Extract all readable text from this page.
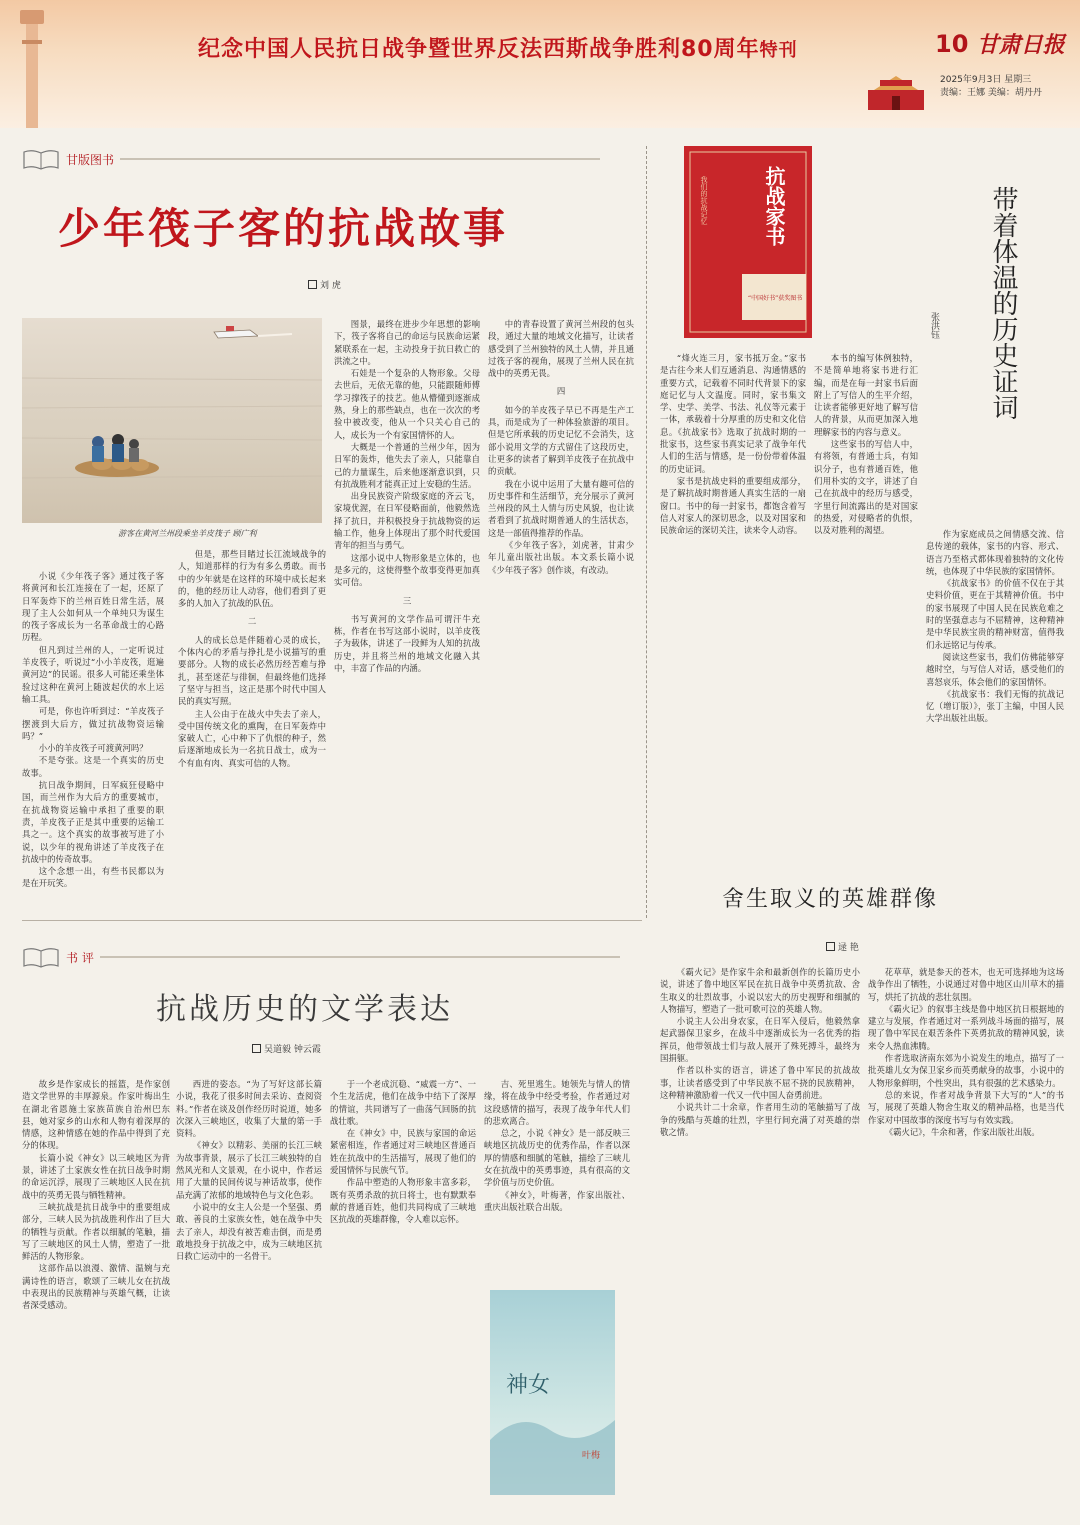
纪念中国人民抗日战争暨世界反法西斯战争胜利80周年特刊	10 甘肃日报
2025年9月3日 星期三
责编：王娜 美编：胡丹丹
甘版图书
少年筏子客的抗战故事
刘 虎
游客在黄河兰州段乘坐羊皮筏子 顾广利

小说《少年筏子客》通过筏子客将黄河和长江连接在了一起，还原了日军轰炸下的兰州百姓日常生活，展现了主人公如何从一个单纯只为谋生的筏子客成长为一名革命战士的心路历程。

但凡到过兰州的人，一定听说过羊皮筏子，听说过“小小羊皮筏，逛遍黄河边”的民谣。很多人可能还乘坐体验过这种在黄河上随波起伏的水上运输工具。

可是，你也许听到过：“羊皮筏子摆渡到大后方，做过抗战物资运输吗？”

小小的羊皮筏子可渡黄河吗？

不是夸张。这是一个真实的历史故事。

抗日战争期间，日军疯狂侵略中国，而兰州作为大后方的重要城市，在抗战物资运输中承担了重要的职责，羊皮筏子正是其中重要的运输工具之一。这个真实的故事被写进了小说，以少年的视角讲述了羊皮筏子在抗战中的传奇故事。

这个念想一出，有些书民都以为是在开玩笑。

但是，那些目睹过长江流域战争的人，知道那样的行为有多么勇敢。而书中的少年就是在这样的环境中成长起来的，他的经历让人动容，他们看到了更多的人加入了抗战的队伍。

二

人的成长总是伴随着心灵的成长，个体内心的矛盾与挣扎是小说描写的重要部分。人物的成长必然历经苦难与挣扎，甚至迷茫与徘徊，但最终他们选择了坚守与担当，这正是那个时代中国人民的真实写照。

主人公由于在战火中失去了亲人，受中国传统文化的熏陶，在日军轰炸中家破人亡，心中种下了仇恨的种子，然后逐渐地成长为一名抗日战士，成为一个有血有肉、真实可信的人物。

图景，最终在进步少年思想的影响下，筏子客将自己的命运与民族命运紧紧联系在一起，主动投身于抗日救亡的洪流之中。

石娃是一个复杂的人物形象。父母去世后，无依无靠的他，只能跟随师傅学习撑筏子的技艺。他从懵懂到逐渐成熟，身上的那些缺点，也在一次次的考验中被改变，他从一个只关心自己的人，成长为一个有家国情怀的人。

大概是一个普通的兰州少年，因为日军的轰炸，他失去了亲人，只能靠自己的力量谋生，后来他逐渐意识到，只有抗战胜利才能真正过上安稳的生活。

出身民族资产阶级家庭的齐云飞，家境优渥，在日军侵略面前，他毅然选择了抗日，并积极投身于抗战物资的运输工作，他身上体现出了那个时代爱国青年的担当与勇气。

这部小说中人物形象是立体的，也是多元的，这使得整个故事变得更加真实可信。

三

书写黄河的文学作品可谓汗牛充栋，作者在书写这部小说时，以羊皮筏子为载体，讲述了一段鲜为人知的抗战历史，并且将兰州的地域文化融入其中，丰富了作品的内涵。

中的青春设置了黄河兰州段的包头段，通过大量的地域文化描写，让读者感受到了兰州独特的风土人情，并且通过筏子客的视角，展现了兰州人民在抗战中的英勇无畏。

四

如今的羊皮筏子早已不再是生产工具，而是成为了一种体验旅游的项目。但是它所承载的历史记忆不会消失，这部小说用文学的方式留住了这段历史，让更多的读者了解到羊皮筏子在抗战中的贡献。

我在小说中运用了大量有趣可信的历史事件和生活细节，充分展示了黄河兰州段的风土人情与历史风貌，也让读者看到了抗战时期普通人的生活状态，这是一部值得推荐的作品。

《少年筏子客》，刘虎著，甘肃少年儿童出版社出版。本文系长篇小说《少年筏子客》创作谈，有改动。

抗战家书
我们的抗战记忆
“中国好书”获奖图书	带着体温的历史证词
张洪钰

“烽火连三月，家书抵万金。”家书是古往今来人们互通消息、沟通情感的重要方式，记载着不同时代背景下的家庭记忆与人文温度。同时，家书集文学、史学、美学、书法、礼仪等元素于一体，承载着十分厚重的历史和文化信息。《抗战家书》选取了抗战时期的一批家书，这些家书真实记录了战争年代人们的生活与情感，是一份份带着体温的历史证词。

家书是抗战史料的重要组成部分，是了解抗战时期普通人真实生活的一扇窗口。书中的每一封家书，都饱含着写信人对家人的深切思念，以及对国家和民族命运的深切关注，读来令人动容。

本书的编写体例独特，不是简单地将家书进行汇编，而是在每一封家书后面附上了写信人的生平介绍，让读者能够更好地了解写信人的背景，从而更加深入地理解家书的内容与意义。

这些家书的写信人中，有将领，有普通士兵，有知识分子，也有普通百姓，他们用朴实的文字，讲述了自己在抗战中的经历与感受，字里行间流露出的是对国家的热爱，对侵略者的仇恨，以及对胜利的渴望。	作为家庭成员之间情感交流、信息传递的载体，家书的内容、形式、语言乃至格式都体现着独特的文化传统，也体现了中华民族的家国情怀。

《抗战家书》的价值不仅在于其史料价值，更在于其精神价值。书中的家书展现了中国人民在民族危难之时的坚强意志与不屈精神，这种精神是中华民族宝贵的精神财富，值得我们永远铭记与传承。

阅读这些家书，我们仿佛能够穿越时空，与写信人对话，感受他们的喜怒哀乐，体会他们的家国情怀。

《抗战家书：我们无悔的抗战记忆（增订版）》，张丁主编，中国人民大学出版社出版。

书 评
抗战历史的文学表达
吴道毅 钟云霞

故乡是作家成长的摇篮，是作家创造文学世界的丰厚源泉。作家叶梅出生在湖北省恩施土家族苗族自治州巴东县，她对家乡的山水和人物有着深厚的情感，这种情感在她的作品中得到了充分的体现。

长篇小说《神女》以三峡地区为背景，讲述了土家族女性在抗日战争时期的命运沉浮，展现了三峡地区人民在抗战中的英勇无畏与牺牲精神。

三峡抗战是抗日战争中的重要组成部分，三峡人民为抗战胜利作出了巨大的牺牲与贡献。作者以细腻的笔触，描写了三峡地区的风土人情，塑造了一批鲜活的人物形象。

这部作品以浪漫、激情、温婉与充满诗性的语言，歌颂了三峡儿女在抗战中表现出的民族精神与英雄气概，让读者深受感动。

西进的姿态。“为了写好这部长篇小说，我花了很多时间去采访、查阅资料。”作者在谈及创作经历时说道，她多次深入三峡地区，收集了大量的第一手资料。

《神女》以精彩、美丽的长江三峡为故事背景，展示了长江三峡独特的自然风光和人文景观，在小说中，作者运用了大量的民间传说与神话故事，使作品充满了浓郁的地域特色与文化色彩。

小说中的女主人公是一个坚强、勇敢、善良的土家族女性，她在战争中失去了亲人，却没有被苦难击倒，而是勇敢地投身于抗战之中，成为三峡地区抗日救亡运动中的一名骨干。

于一个老成沉稳、“威震一方”、一个生龙活虎，他们在战争中结下了深厚的情谊，共同谱写了一曲荡气回肠的抗战壮歌。

在《神女》中，民族与家国的命运紧密相连，作者通过对三峡地区普通百姓在抗战中的生活描写，展现了他们的爱国情怀与民族气节。

作品中塑造的人物形象丰富多彩，既有英勇杀敌的抗日将士，也有默默奉献的普通百姓，他们共同构成了三峡地区抗战的英雄群像，令人难以忘怀。

吉、死里逃生。她领先与情人的情缘，将在战争中经受考验，作者通过对这段感情的描写，表现了战争年代人们的悲欢离合。

总之，小说《神女》是一部反映三峡地区抗战历史的优秀作品，作者以深厚的情感和细腻的笔触，描绘了三峡儿女在抗战中的英勇事迹，具有很高的文学价值与历史价值。

《神女》，叶梅著，作家出版社、重庆出版社联合出版。

神女
叶梅
舍生取义的英雄群像
逯 艳

《霸火记》是作家牛余和最新创作的长篇历史小说，讲述了鲁中地区军民在抗日战争中英勇抗敌、舍生取义的壮烈故事，小说以宏大的历史视野和细腻的人物描写，塑造了一批可歌可泣的英雄人物。

小说主人公出身农家，在日军入侵后，他毅然拿起武器保卫家乡，在战斗中逐渐成长为一名优秀的指挥员，他带领战士们与敌人展开了殊死搏斗，最终为国捐躯。

作者以朴实的语言，讲述了鲁中军民的抗战故事，让读者感受到了中华民族不屈不挠的民族精神，这种精神激励着一代又一代中国人奋勇前进。

小说共计二十余章，作者用生动的笔触描写了战争的残酷与英雄的壮烈，字里行间充满了对英雄的崇敬之情。

花草草，就是参天的苍木，也无可选择地为这场战争作出了牺牲，小说通过对鲁中地区山川草木的描写，烘托了抗战的悲壮氛围。

《霸火记》的叙事主线是鲁中地区抗日根据地的建立与发展，作者通过对一系列战斗场面的描写，展现了鲁中军民在艰苦条件下英勇抗敌的精神风貌，读来令人热血沸腾。

作者选取济南东郊为小说发生的地点，描写了一批英雄儿女为保卫家乡而英勇献身的故事，小说中的人物形象鲜明，个性突出，具有很强的艺术感染力。

总的来说，作者对战争背景下大写的“人”的书写，展现了英雄人物舍生取义的精神品格，也是当代作家对中国故事的深度书写与有效实践。

《霸火记》，牛余和著，作家出版社出版。
